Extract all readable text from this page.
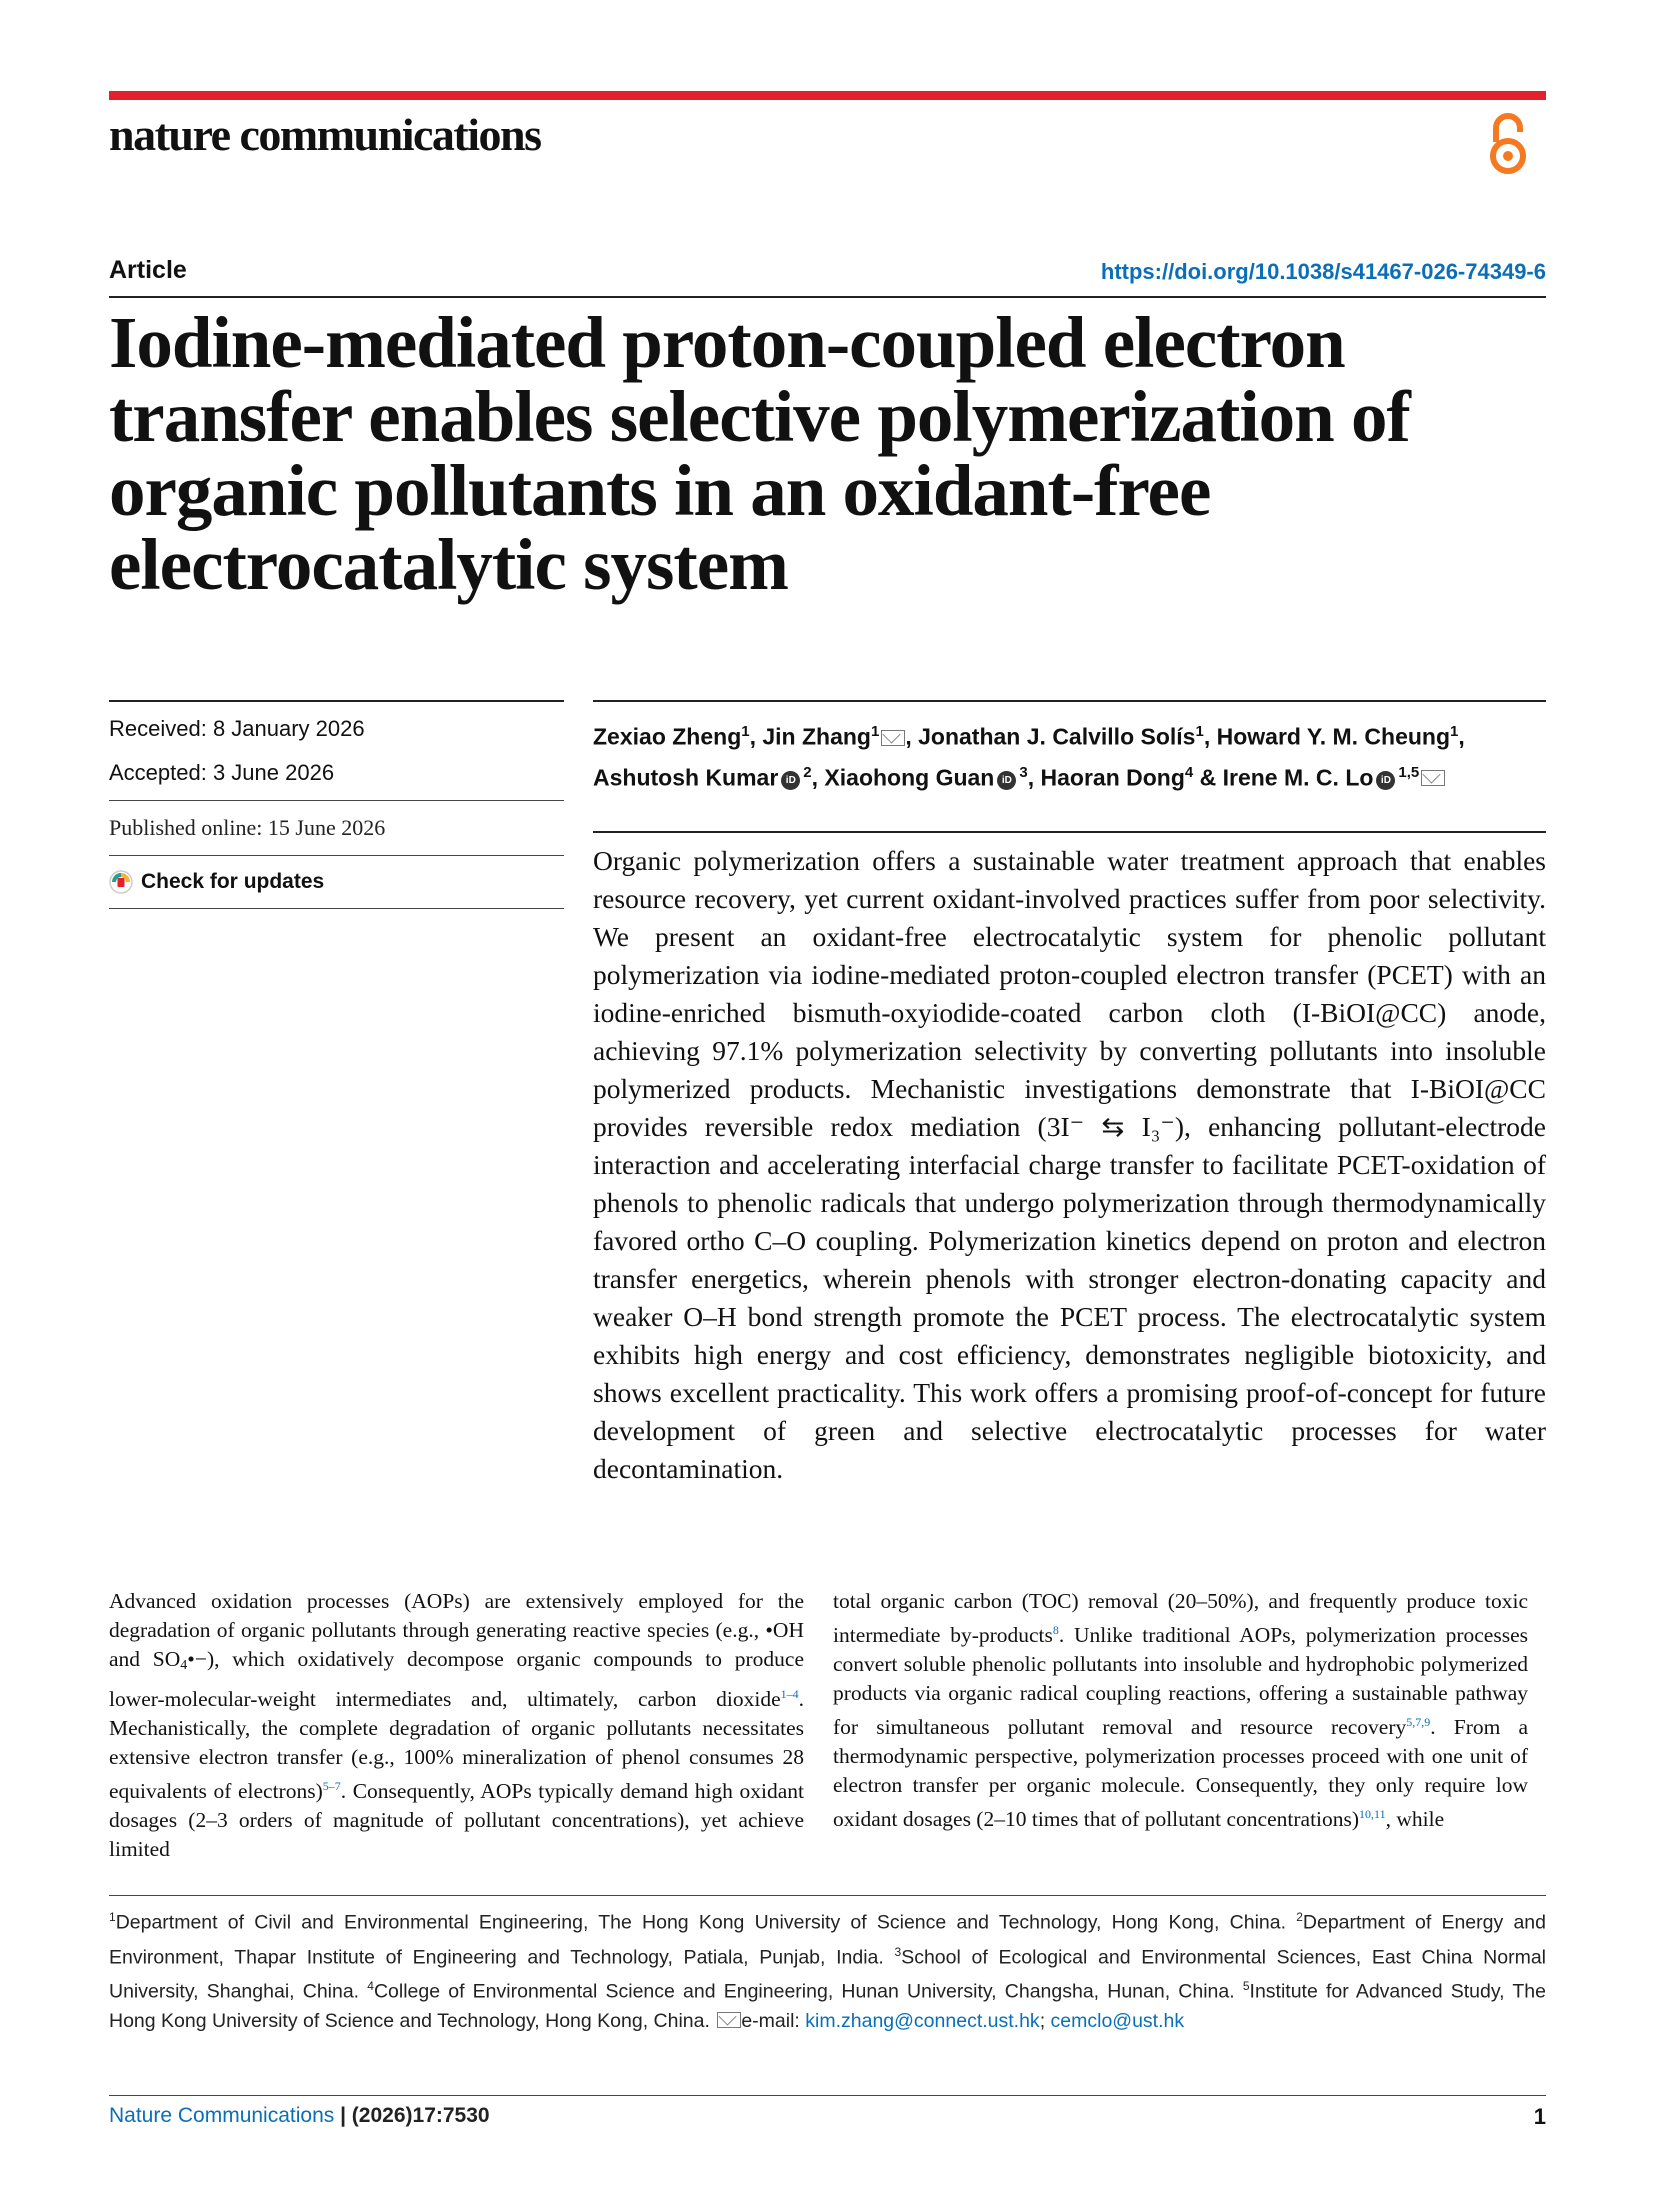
nature communications
Article	https://doi.org/10.1038/s41467-026-74349-6
Iodine-mediated proton-coupled electron transfer enables selective polymerization of organic pollutants in an oxidant-free electrocatalytic system
Received: 8 January 2026
Accepted: 3 June 2026
Published online: 15 June 2026
Check for updates
Zexiao Zheng$^1$, Jin Zhang$^1$ , Jonathan J. Calvillo Solís$^1$, Howard Y. M. Cheung$^1$, Ashutosh Kumar $iD^2$, Xiaohong Guan $iD^3$, Haoran Dong$^4$ & Irene M. C. Lo iD$^{1,5}$
Organic polymerization offers a sustainable water treatment approach that enables resource recovery, yet current oxidant-involved practices suffer from poor selectivity. We present an oxidant-free electrocatalytic system for phenolic pollutant polymerization via iodine-mediated proton-coupled electron transfer (PCET) with an iodine-enriched bismuth-oxyiodide-coated carbon cloth (I-BiOI@CC) anode, achieving 97.1% polymerization selectivity by converting pollutants into insoluble polymerized products. Mechanistic investigations demonstrate that I-BiOI@CC provides reversible redox mediation (3I⁻ ⇆ I₃⁻), enhancing pollutant-electrode interaction and accelerating interfacial charge transfer to facilitate PCET-oxidation of phenols to phenolic radicals that undergo polymerization through thermodynamically favored ortho C–O coupling. Polymerization kinetics depend on proton and electron transfer energetics, wherein phenols with stronger electron-donating capacity and weaker O–H bond strength promote the PCET process. The electrocatalytic system exhibits high energy and cost efficiency, demonstrates negligible biotoxicity, and shows excellent practicality. This work offers a promising proof-of-concept for future development of green and selective electrocatalytic processes for water decontamination.
Advanced oxidation processes (AOPs) are extensively employed for the degradation of organic pollutants through generating reactive species (e.g., •OH and $SO_4•-$), which oxidatively decompose organic compounds to produce lower-molecular-weight intermediates and, ultimately, carbon dioxide$^{1-4}$. Mechanistically, the complete degradation of organic pollutants necessitates extensive electron transfer (e.g., 100% mineralization of phenol consumes 28 equivalents of electrons)$^{5-7}$. Consequently, AOPs typically demand high oxidant dosages (2–3 orders of magnitude of pollutant concentrations), yet achieve limited
total organic carbon (TOC) removal (20–50%), and frequently produce toxic intermediate by-products$^8$. Unlike traditional AOPs, polymerization processes convert soluble phenolic pollutants into insoluble and hydrophobic polymerized products via organic radical coupling reactions, offering a sustainable pathway for simultaneous pollutant removal and resource recovery$^{5,7,9}$. From a thermodynamic perspective, polymerization processes proceed with one unit of electron transfer per organic molecule. Consequently, they only require low oxidant dosages (2–10 times that of pollutant concentrations)$^{10,11}$, while
$^1$Department of Civil and Environmental Engineering, The Hong Kong University of Science and Technology, Hong Kong, China. $^2$Department of Energy and Environment, Thapar Institute of Engineering and Technology, Patiala, Punjab, India. $^3$School of Ecological and Environmental Sciences, East China Normal University, Shanghai, China. $^4$College of Environmental Science and Engineering, Hunan University, Changsha, Hunan, China. $^5$Institute for Advanced Study, The Hong Kong University of Science and Technology, Hong Kong, China. e-mail: kim.zhang@connect.ust.hk; cemclo@ust.hk
Nature Communications | (2026)17:7530	1
